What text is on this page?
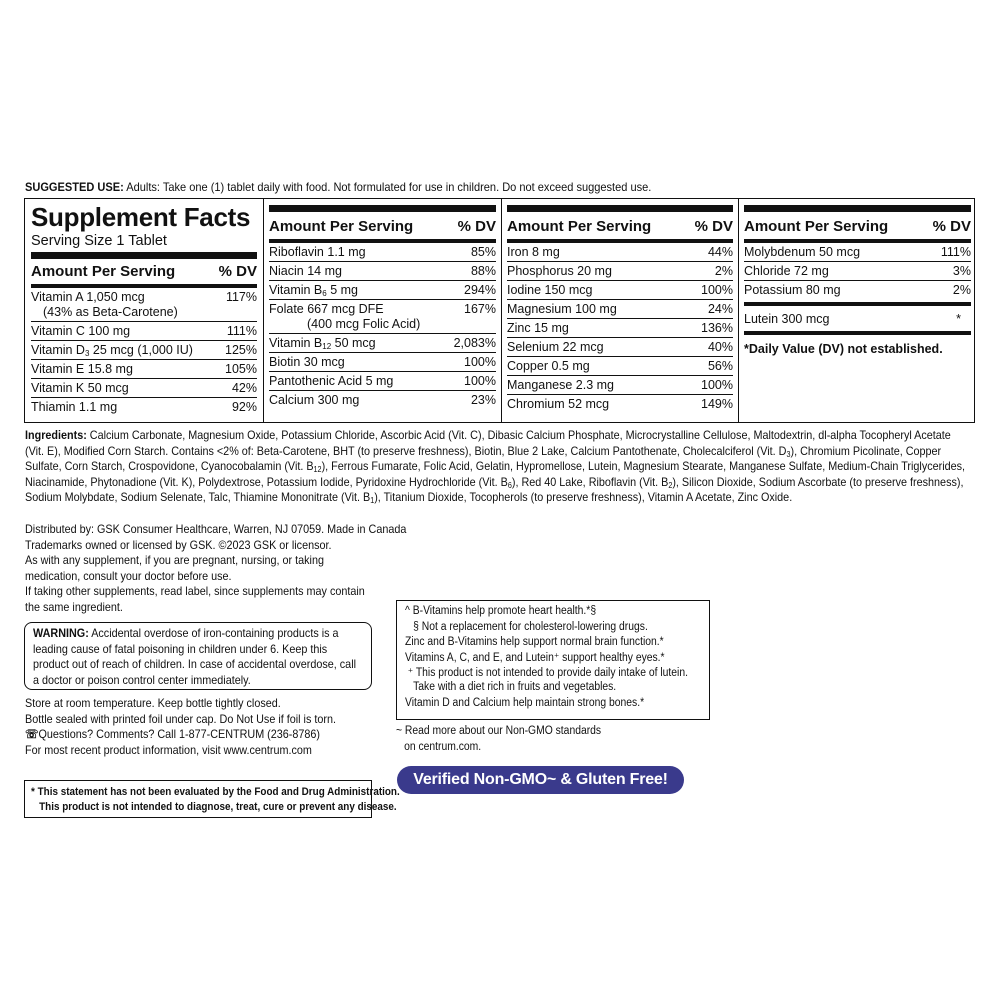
SUGGESTED USE: Adults: Take one (1) tablet daily with food. Not formulated for use in children. Do not exceed suggested use.
Supplement Facts
Serving Size 1 Tablet
Amount Per Serving	% DV
Vitamin A 1,050 mcg	117%
(43% as Beta-Carotene)
Vitamin C 100 mg	111%
Vitamin $D_3$ 25 mcg (1,000 IU)	125%
Vitamin E 15.8 mg	105%
Vitamin K 50 mcg	42%
Thiamin 1.1 mg	92%
Amount Per Serving	% DV
Riboflavin 1.1 mg	85%
Niacin 14 mg	88%
Vitamin $B_6$ 5 mg	294%
Folate 667 mcg DFE	167%
(400 mcg Folic Acid)
Vitamin $B_{12}$ 50 mcg	2,083%
Biotin 30 mcg	100%
Pantothenic Acid 5 mg	100%
Calcium 300 mg	23%
Amount Per Serving	% DV
Iron 8 mg	44%
Phosphorus 20 mg	2%
Iodine 150 mcg	100%
Magnesium 100 mg	24%
Zinc 15 mg	136%
Selenium 22 mcg	40%
Copper 0.5 mg	56%
Manganese 2.3 mg	100%
Chromium 52 mcg	149%
Amount Per Serving	% DV
Molybdenum 50 mcg	111%
Chloride 72 mg	3%
Potassium 80 mg	2%
Lutein 300 mcg	*
*Daily Value (DV) not established.
Ingredients: Calcium Carbonate, Magnesium Oxide, Potassium Chloride, Ascorbic Acid (Vit. C), Dibasic Calcium Phosphate, Microcrystalline Cellulose, Maltodextrin, dl-alpha Tocopheryl Acetate (Vit. E), Modified Corn Starch. Contains <2% of: Beta-Carotene, BHT (to preserve freshness), Biotin, Blue 2 Lake, Calcium Pantothenate, Cholecalciferol (Vit. $D_3$), Chromium Picolinate, Copper Sulfate, Corn Starch, Crospovidone, Cyanocobalamin (Vit. $B_{12}$), Ferrous Fumarate, Folic Acid, Gelatin, Hypromellose, Lutein, Magnesium Stearate, Manganese Sulfate, Medium-Chain Triglycerides, Niacinamide, Phytonadione (Vit. K), Polydextrose, Potassium Iodide, Pyridoxine Hydrochloride (Vit. $B_6$), Red 40 Lake, Riboflavin (Vit. $B_2$), Silicon Dioxide, Sodium Ascorbate (to preserve freshness), Sodium Molybdate, Sodium Selenate, Talc, Thiamine Mononitrate (Vit. $B_1$), Titanium Dioxide, Tocopherols (to preserve freshness), Vitamin A Acetate, Zinc Oxide.
Distributed by: GSK Consumer Healthcare, Warren, NJ 07059. Made in Canada
Trademarks owned or licensed by GSK. ©2023 GSK or licensor.
As with any supplement, if you are pregnant, nursing, or taking
medication, consult your doctor before use.
If taking other supplements, read label, since supplements may contain
the same ingredient.
WARNING: Accidental overdose of iron-containing products is a
leading cause of fatal poisoning in children under 6. Keep this
product out of reach of children. In case of accidental overdose, call
a doctor or poison control center immediately.
Store at room temperature. Keep bottle tightly closed.
Bottle sealed with printed foil under cap. Do Not Use if foil is torn.
☏Questions? Comments? Call 1-877-CENTRUM (236-8786)
For most recent product information, visit www.centrum.com
* This statement has not been evaluated by the Food and Drug Administration.
This product is not intended to diagnose, treat, cure or prevent any disease.
^ B-Vitamins help promote heart health.*§
§ Not a replacement for cholesterol-lowering drugs.
Zinc and B-Vitamins help support normal brain function.*
Vitamins A, C, and E, and Lutein⁺ support healthy eyes.*
⁺ This product is not intended to provide daily intake of lutein.
Take with a diet rich in fruits and vegetables.
Vitamin D and Calcium help maintain strong bones.*
~ Read more about our Non-GMO standards
on centrum.com.
Verified Non-GMO~ & Gluten Free!
